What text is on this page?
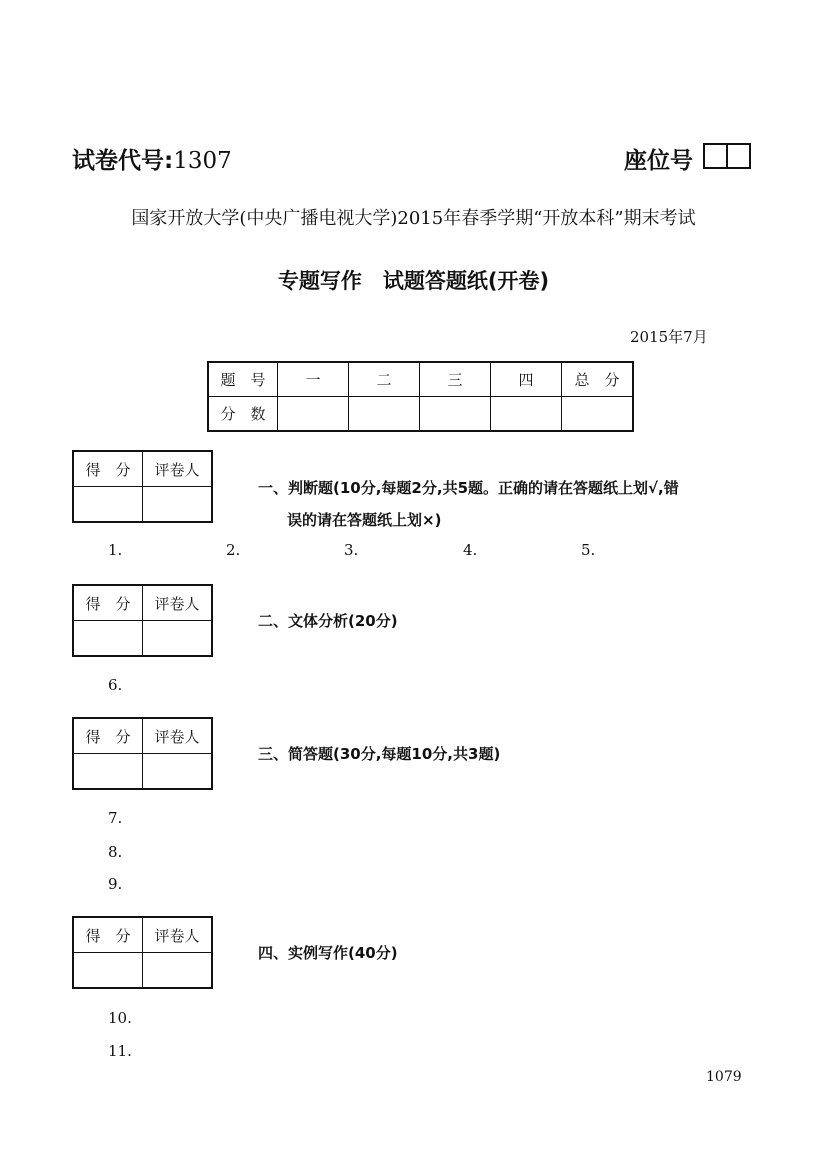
试卷代号:1307	座位号
国家开放大学(中央广播电视大学)2015年春季学期“开放本科”期末考试
专题写作　试题答题纸(开卷)
2015年7月
题　号	一	二	三	四	总　分
分　数					
得　分	评卷人

一、判断题(10分,每题2分,共5题。正确的请在答题纸上划√,错
误的请在答题纸上划×)
1.	2.	3.	4.	5.
得　分	评卷人

二、文体分析(20分)
6.
得　分	评卷人

三、简答题(30分,每题10分,共3题)
7.
8.
9.
得　分	评卷人

四、实例写作(40分)
10.
11.
1079
